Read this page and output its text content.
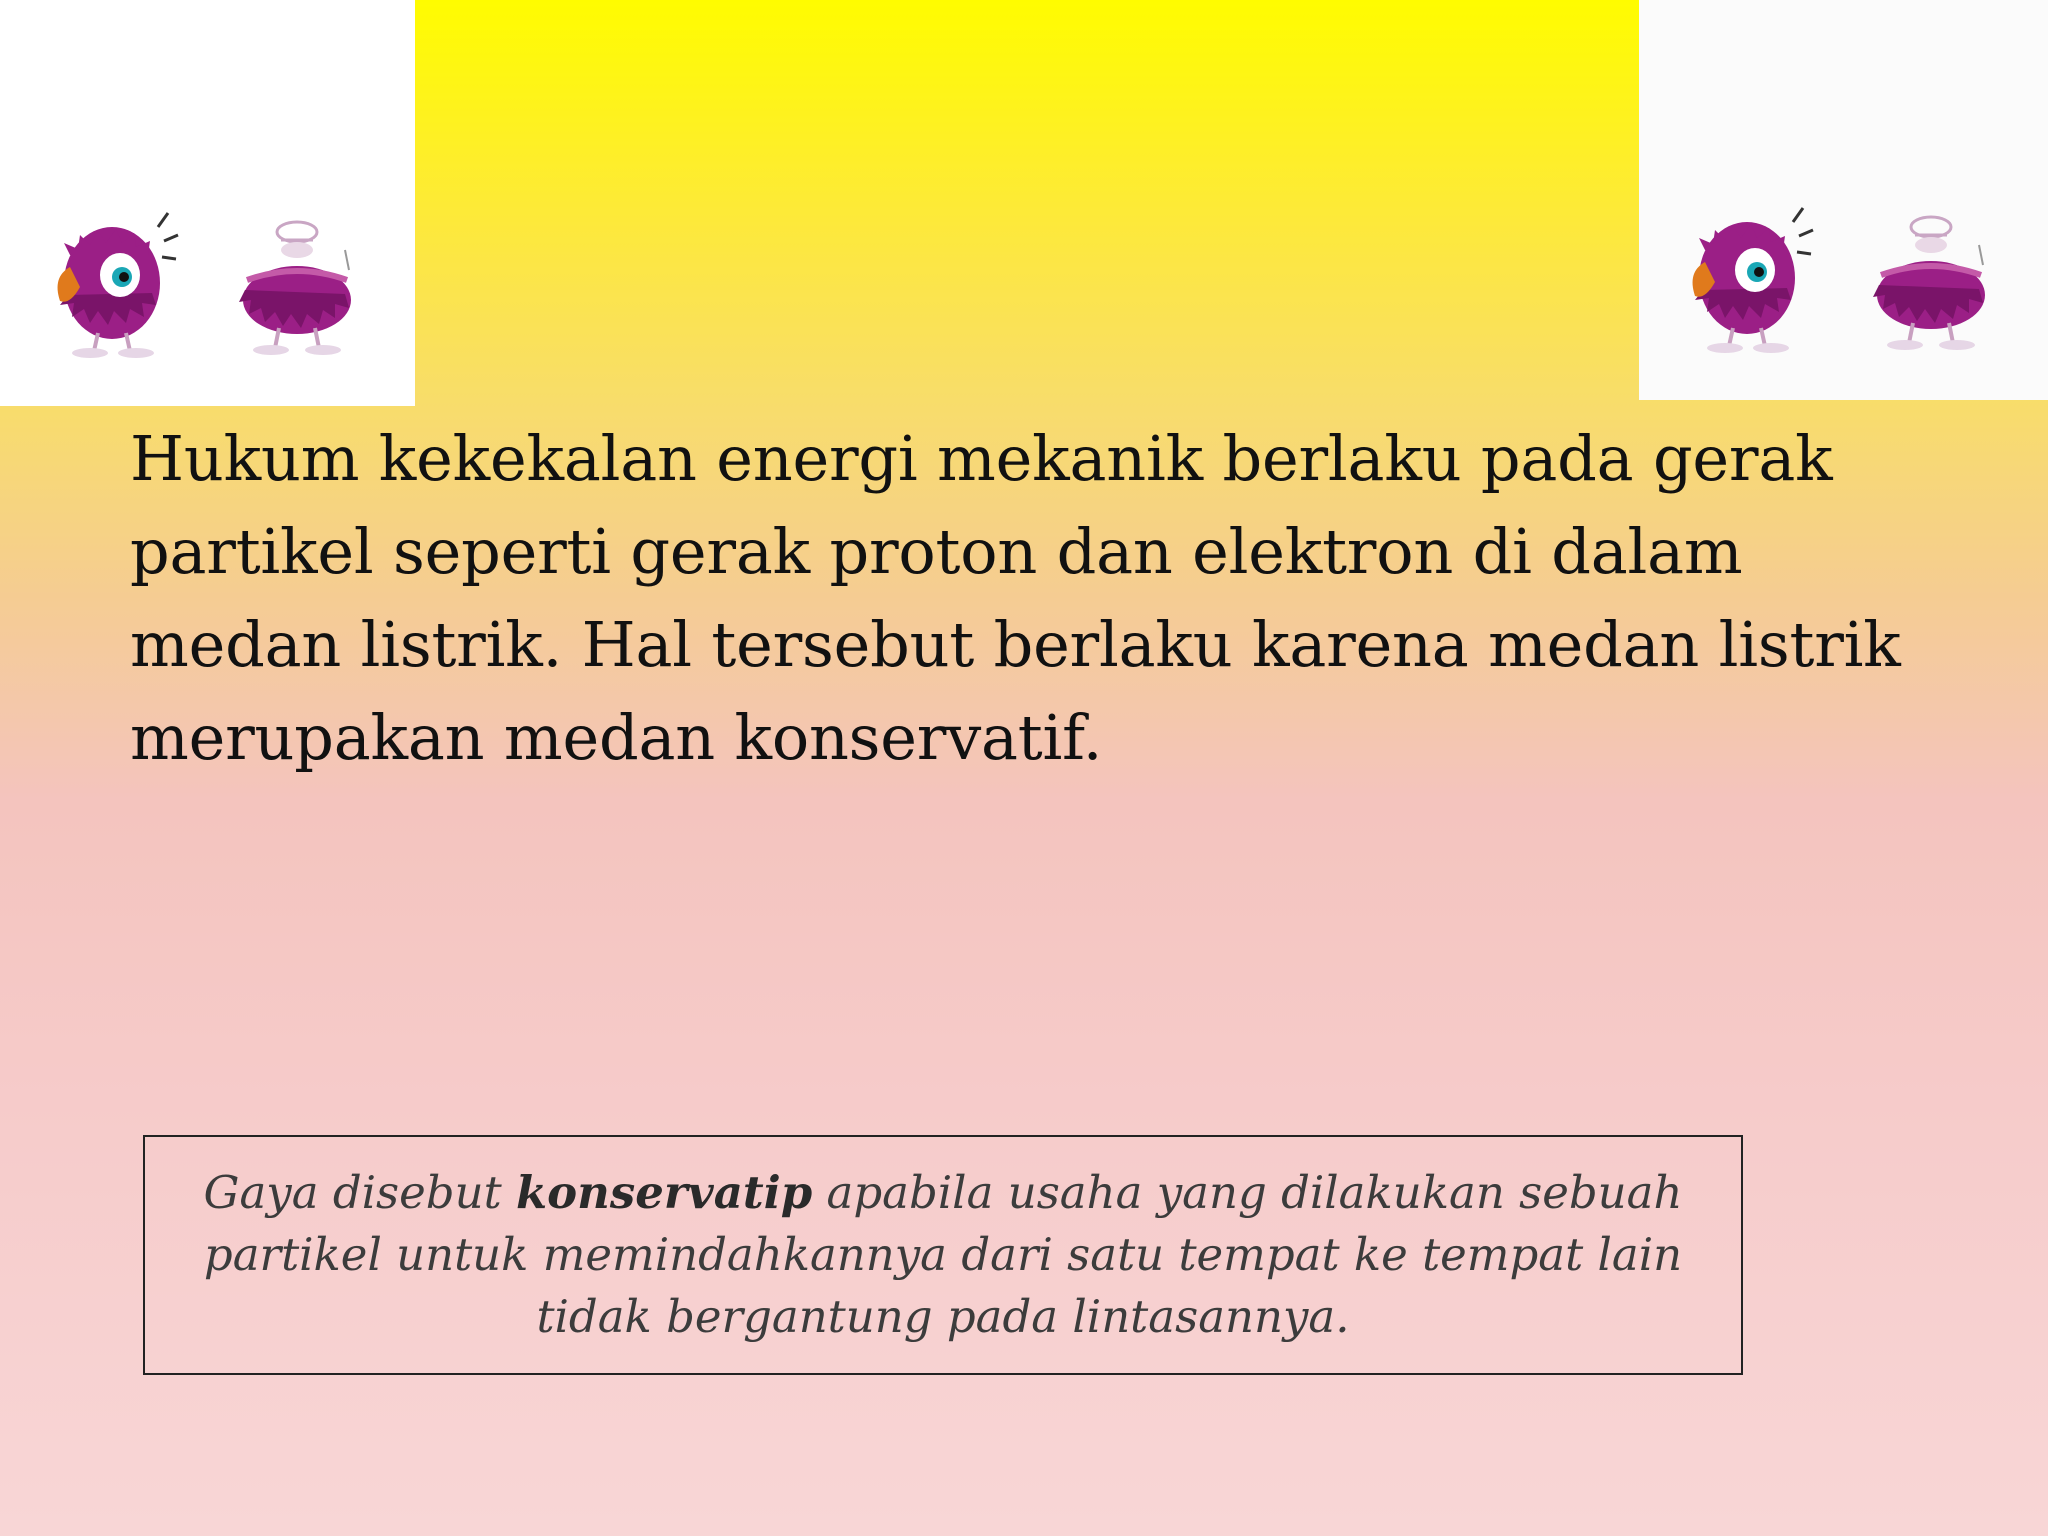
Hukum kekekalan energi mekanik berlaku pada gerak partikel seperti gerak proton dan elektron di dalam medan listrik. Hal tersebut berlaku karena medan listrik merupakan medan konservatif.

Gaya disebut konservatip apabila usaha yang dilakukan sebuah partikel untuk memindahkannya dari satu tempat ke tempat lain tidak bergantung pada lintasannya.
